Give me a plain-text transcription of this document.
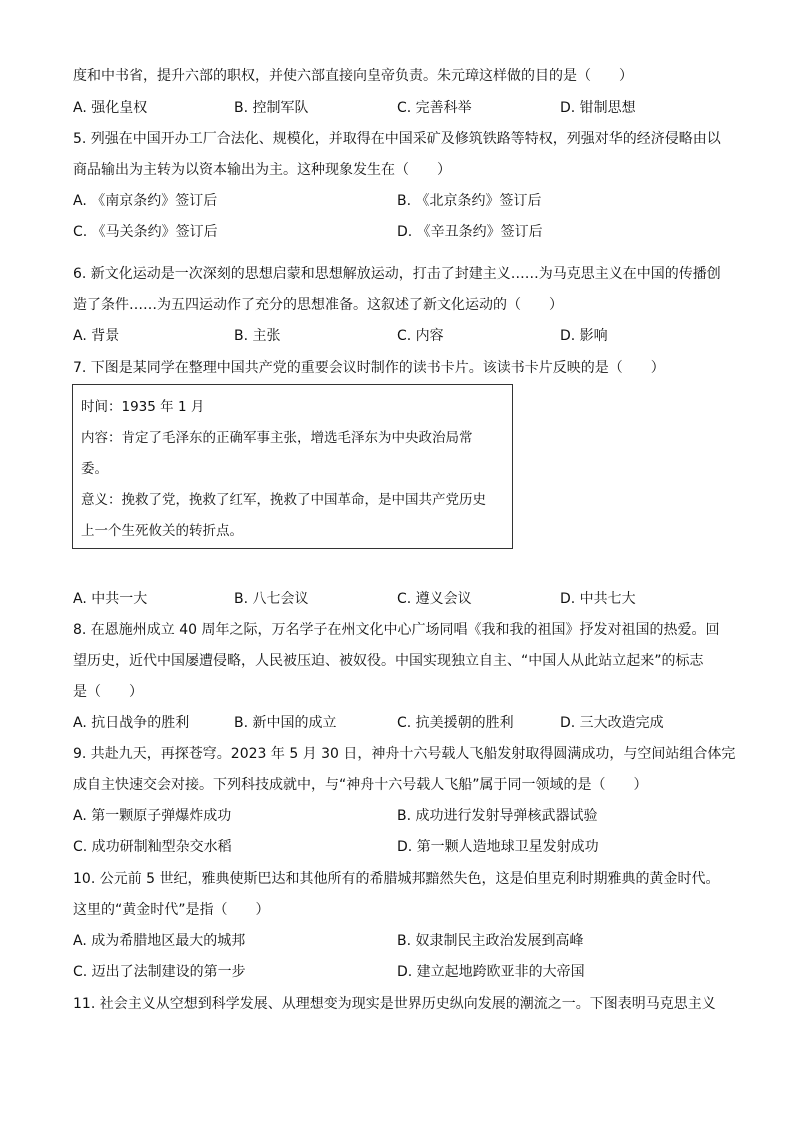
度和中书省，提升六部的职权，并使六部直接向皇帝负责。朱元璋这样做的目的是（　　）
A. 强化皇权	B. 控制军队	C. 完善科举	D. 钳制思想
5. 列强在中国开办工厂合法化、规模化，并取得在中国采矿及修筑铁路等特权，列强对华的经济侵略由以
商品输出为主转为以资本输出为主。这种现象发生在（　　）
A. 《南京条约》签订后	B. 《北京条约》签订后
C. 《马关条约》签订后	D. 《辛丑条约》签订后
6. 新文化运动是一次深刻的思想启蒙和思想解放运动，打击了封建主义……为马克思主义在中国的传播创
造了条件……为五四运动作了充分的思想准备。这叙述了新文化运动的（　　）
A. 背景	B. 主张	C. 内容	D. 影响
7. 下图是某同学在整理中国共产党的重要会议时制作的读书卡片。该读书卡片反映的是（　　）
时间：1935 年 1 月
内容：肯定了毛泽东的正确军事主张，增选毛泽东为中央政治局常
委。
意义：挽救了党，挽救了红军，挽救了中国革命，是中国共产党历史
上一个生死攸关的转折点。
A. 中共一大	B. 八七会议	C. 遵义会议	D. 中共七大
8. 在恩施州成立 40 周年之际，万名学子在州文化中心广场同唱《我和我的祖国》抒发对祖国的热爱。回
望历史，近代中国屡遭侵略，人民被压迫、被奴役。中国实现独立自主、“中国人从此站立起来”的标志
是（　　）
A. 抗日战争的胜利	B. 新中国的成立	C. 抗美援朝的胜利	D. 三大改造完成
9. 共赴九天，再探苍穹。2023 年 5 月 30 日，神舟十六号载人飞船发射取得圆满成功，与空间站组合体完
成自主快速交会对接。下列科技成就中，与“神舟十六号载人飞船”属于同一领域的是（　　）
A. 第一颗原子弹爆炸成功	B. 成功进行发射导弹核武器试验
C. 成功研制籼型杂交水稻	D. 第一颗人造地球卫星发射成功
10. 公元前 5 世纪，雅典使斯巴达和其他所有的希腊城邦黯然失色，这是伯里克利时期雅典的黄金时代。
这里的“黄金时代”是指（　　）
A. 成为希腊地区最大的城邦	B. 奴隶制民主政治发展到高峰
C. 迈出了法制建设的第一步	D. 建立起地跨欧亚非的大帝国
11. 社会主义从空想到科学发展、从理想变为现实是世界历史纵向发展的潮流之一。下图表明马克思主义
